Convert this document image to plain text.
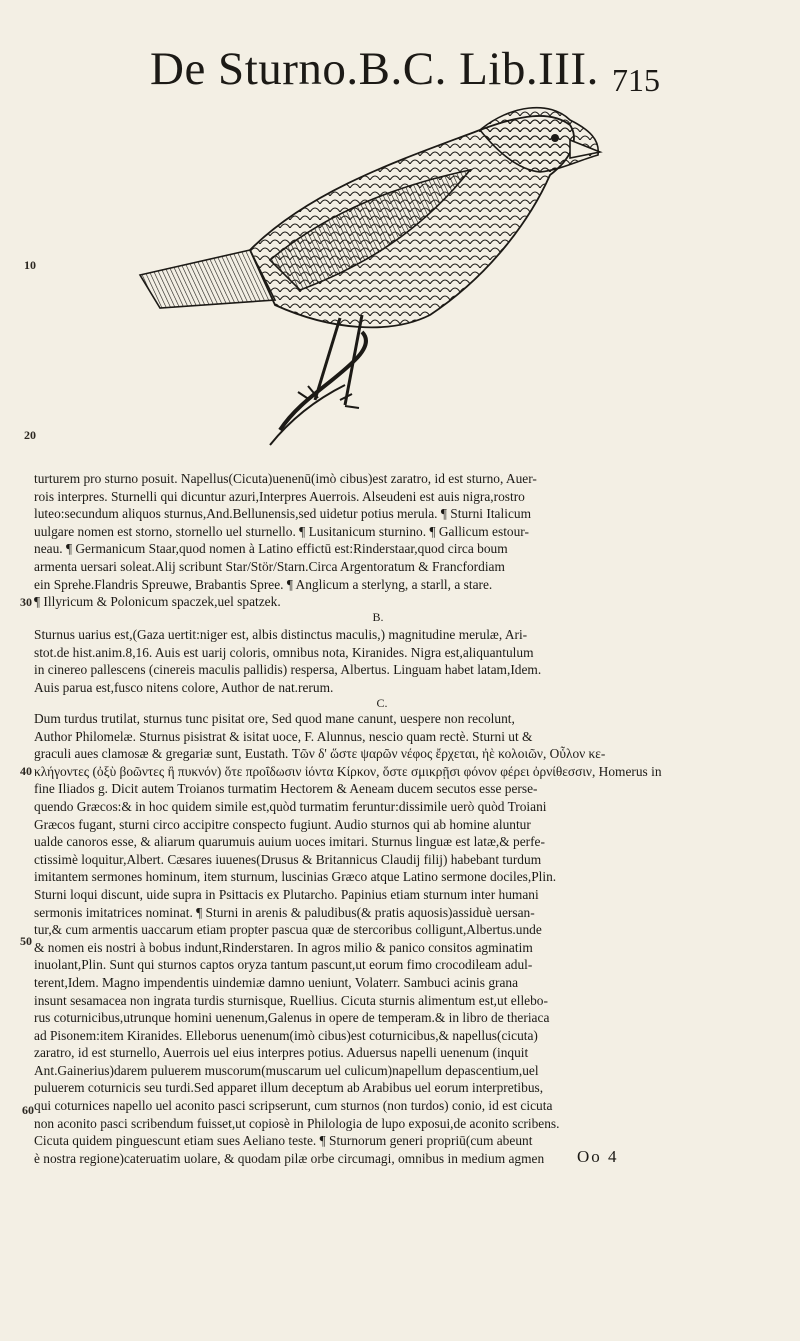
De Sturno.B.C. Lib.III. 715
10
20
30
40
50
60
turturem pro sturno posuit. Napellus(Cicuta)uenenū(imò cibus)est zaratro, id est sturno, Auer-
rois interpres. Sturnelli qui dicuntur azuri,Interpres Auerrois. Alseudeni est auis nigra,rostro
luteo:secundum aliquos sturnus,And.Bellunensis,sed uidetur potius merula. ¶ Sturni Italicum
uulgare nomen est storno, stornello uel sturnello. ¶ Lusitanicum sturnino. ¶ Gallicum estour-
neau. ¶ Germanicum Staar,quod nomen à Latino effictū est:Rinderstaar,quod circa boum
armenta uersari soleat.Alij scribunt Star/Stör/Starn.Circa Argentoratum & Francfordiam
ein Sprehe.Flandris Spreuwe, Brabantis Spree. ¶ Anglicum a sterlyng, a starll, a stare.
¶ Illyricum & Polonicum spaczek,uel spatzek.
B.
Sturnus uarius est,(Gaza uertit:niger est, albis distinctus maculis,) magnitudine merulæ, Ari-
stot.de hist.anim.8,16. Auis est uarij coloris, omnibus nota, Kiranides. Nigra est,aliquantulum
in cinereo pallescens (cinereis maculis pallidis) respersa, Albertus. Linguam habet latam,Idem.
Auis parua est,fusco nitens colore, Author de nat.rerum.
C.
Dum turdus trutilat, sturnus tunc pisitat ore, Sed quod mane canunt, uespere non recolunt,
Author Philomelæ. Sturnus pisistrat & isitat uoce, F. Alunnus, nescio quam rectè. Sturni ut &
graculi aues clamosæ & gregariæ sunt, Eustath. Τῶν δ' ὥστε ψαρῶν νέφος ἔρχεται, ἠὲ κολοιῶν, Οὖλον κε-
κλήγοντες (ὀξὺ βοῶντες ἢ πυκνόν) ὅτε προΐδωσιν ἰόντα Κίρκον, ὅστε σμικρῇσι φόνον φέρει ὀρνίθεσσιν, Homerus in
fine Iliados g. Dicit autem Troianos turmatim Hectorem & Aeneam ducem secutos esse perse-
quendo Græcos:& in hoc quidem simile est,quòd turmatim feruntur:dissimile uerò quòd Troiani
Græcos fugant, sturni circo accipitre conspecto fugiunt. Audio sturnos qui ab homine aluntur
ualde canoros esse, & aliarum quarumuis auium uoces imitari. Sturnus linguæ est latæ,& perfe-
ctissimè loquitur,Albert. Cæsares iuuenes(Drusus & Britannicus Claudij filij) habebant turdum
imitantem sermones hominum, item sturnum, luscinias Græco atque Latino sermone dociles,Plin.
Sturni loqui discunt, uide supra in Psittacis ex Plutarcho. Papinius etiam sturnum inter humani
sermonis imitatrices nominat. ¶ Sturni in arenis & paludibus(& pratis aquosis)assiduè uersan-
tur,& cum armentis uaccarum etiam propter pascua quæ de stercoribus colligunt,Albertus.unde
& nomen eis nostri à bobus indunt,Rinderstaren. In agros milio & panico consitos agminatim
inuolant,Plin. Sunt qui sturnos captos oryza tantum pascunt,ut eorum fimo crocodileam adul-
terent,Idem. Magno impendentis uindemiæ damno ueniunt, Volaterr. Sambuci acinis grana
insunt sesamacea non ingrata turdis sturnisque, Ruellius. Cicuta sturnis alimentum est,ut ellebo-
rus coturnicibus,utrunque homini uenenum,Galenus in opere de temperam.& in libro de theriaca
ad Pisonem:item Kiranides. Elleborus uenenum(imò cibus)est coturnicibus,& napellus(cicuta)
zaratro, id est sturnello, Auerrois uel eius interpres potius. Aduersus napelli uenenum (inquit
Ant.Gainerius)darem puluerem muscorum(muscarum uel culicum)napellum depascentium,uel
puluerem coturnicis seu turdi.Sed apparet illum deceptum ab Arabibus uel eorum interpretibus,
qui coturnices napello uel aconito pasci scripserunt, cum sturnos (non turdos) conio, id est cicuta
non aconito pasci scribendum fuisset,ut copiosè in Philologia de lupo exposui,de aconito scribens.
Cicuta quidem pinguescunt etiam sues Aeliano teste. ¶ Sturnorum generi propriū(cum abeunt
è nostra regione)cateruatim uolare, & quodam pilæ orbe circumagi, omnibus in medium agmen	Oo 4
